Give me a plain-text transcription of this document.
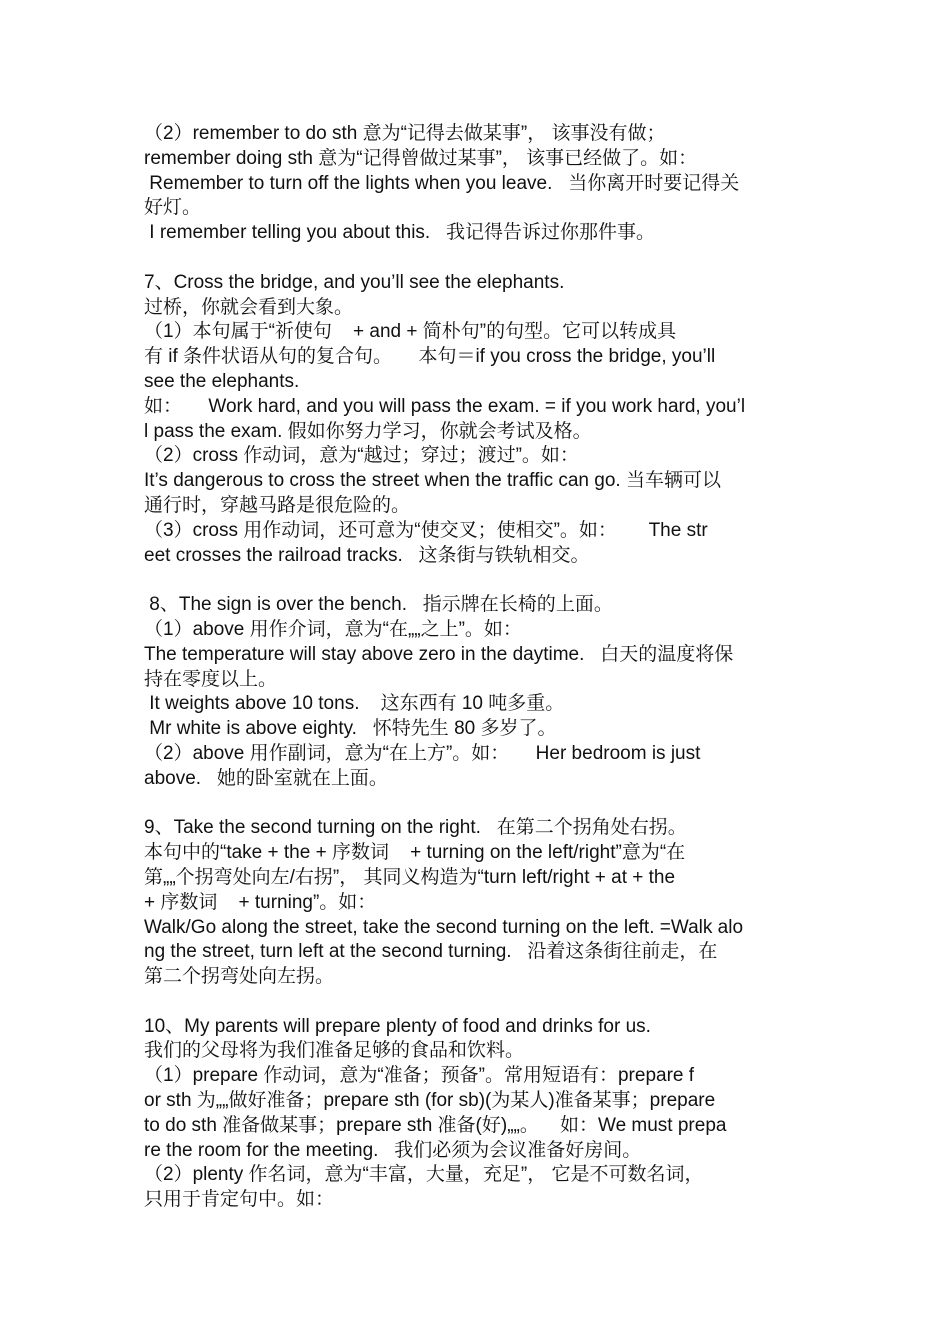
（2）remember to do sth 意为“记得去做某事”， 该事没有做；
remember doing sth 意为“记得曾做过某事”， 该事已经做了。如：
Remember to turn off the lights when you leave.   当你离开时要记得关
好灯。
I remember telling you about this.   我记得告诉过你那件事。
7、Cross the bridge, and you’ll see the elephants.
过桥，你就会看到大象。
（1）本句属于“祈使句    + and + 简朴句”的句型。它可以转成具
有 if 条件状语从句的复合句。     本句＝if you cross the bridge, you’ll
see the elephants.
如：     Work hard, and you will pass the exam. = if you work hard, you’l
l pass the exam. 假如你努力学习，你就会考试及格。
（2）cross 作动词，意为“越过；穿过；渡过”。如：
It’s dangerous to cross the street when the traffic can go. 当车辆可以
通行时，穿越马路是很危险的。
（3）cross 用作动词，还可意为“使交叉；使相交”。如：      The str
eet crosses the railroad tracks.   这条街与铁轨相交。
8、The sign is over the bench.   指示牌在长椅的上面。
（1）above 用作介词，意为“在„„之上”。如：
The temperature will stay above zero in the daytime.   白天的温度将保
持在零度以上。
It weights above 10 tons.    这东西有 10 吨多重。
Mr white is above eighty.   怀特先生 80 多岁了。
（2）above 用作副词，意为“在上方”。如：     Her bedroom is just
above.   她的卧室就在上面。
9、Take the second turning on the right.   在第二个拐角处右拐。
本句中的“take + the + 序数词    + turning on the left/right”意为“在
第„„个拐弯处向左/右拐”， 其同义构造为“turn left/right + at + the
+ 序数词    + turning”。如：
Walk/Go along the street, take the second turning on the left. =Walk alo
ng the street, turn left at the second turning.   沿着这条街往前走，在
第二个拐弯处向左拐。
10、My parents will prepare plenty of food and drinks for us.
我们的父母将为我们准备足够的食品和饮料。
（1）prepare 作动词，意为“准备；预备”。常用短语有：prepare f
or sth 为„„做好准备；prepare sth (for sb)(为某人)准备某事；prepare
to do sth 准备做某事；prepare sth 准备(好)„„。    如：We must prepa
re the room for the meeting.   我们必须为会议准备好房间。
（2）plenty 作名词，意为“丰富，大量，充足”， 它是不可数名词，
只用于肯定句中。如：
